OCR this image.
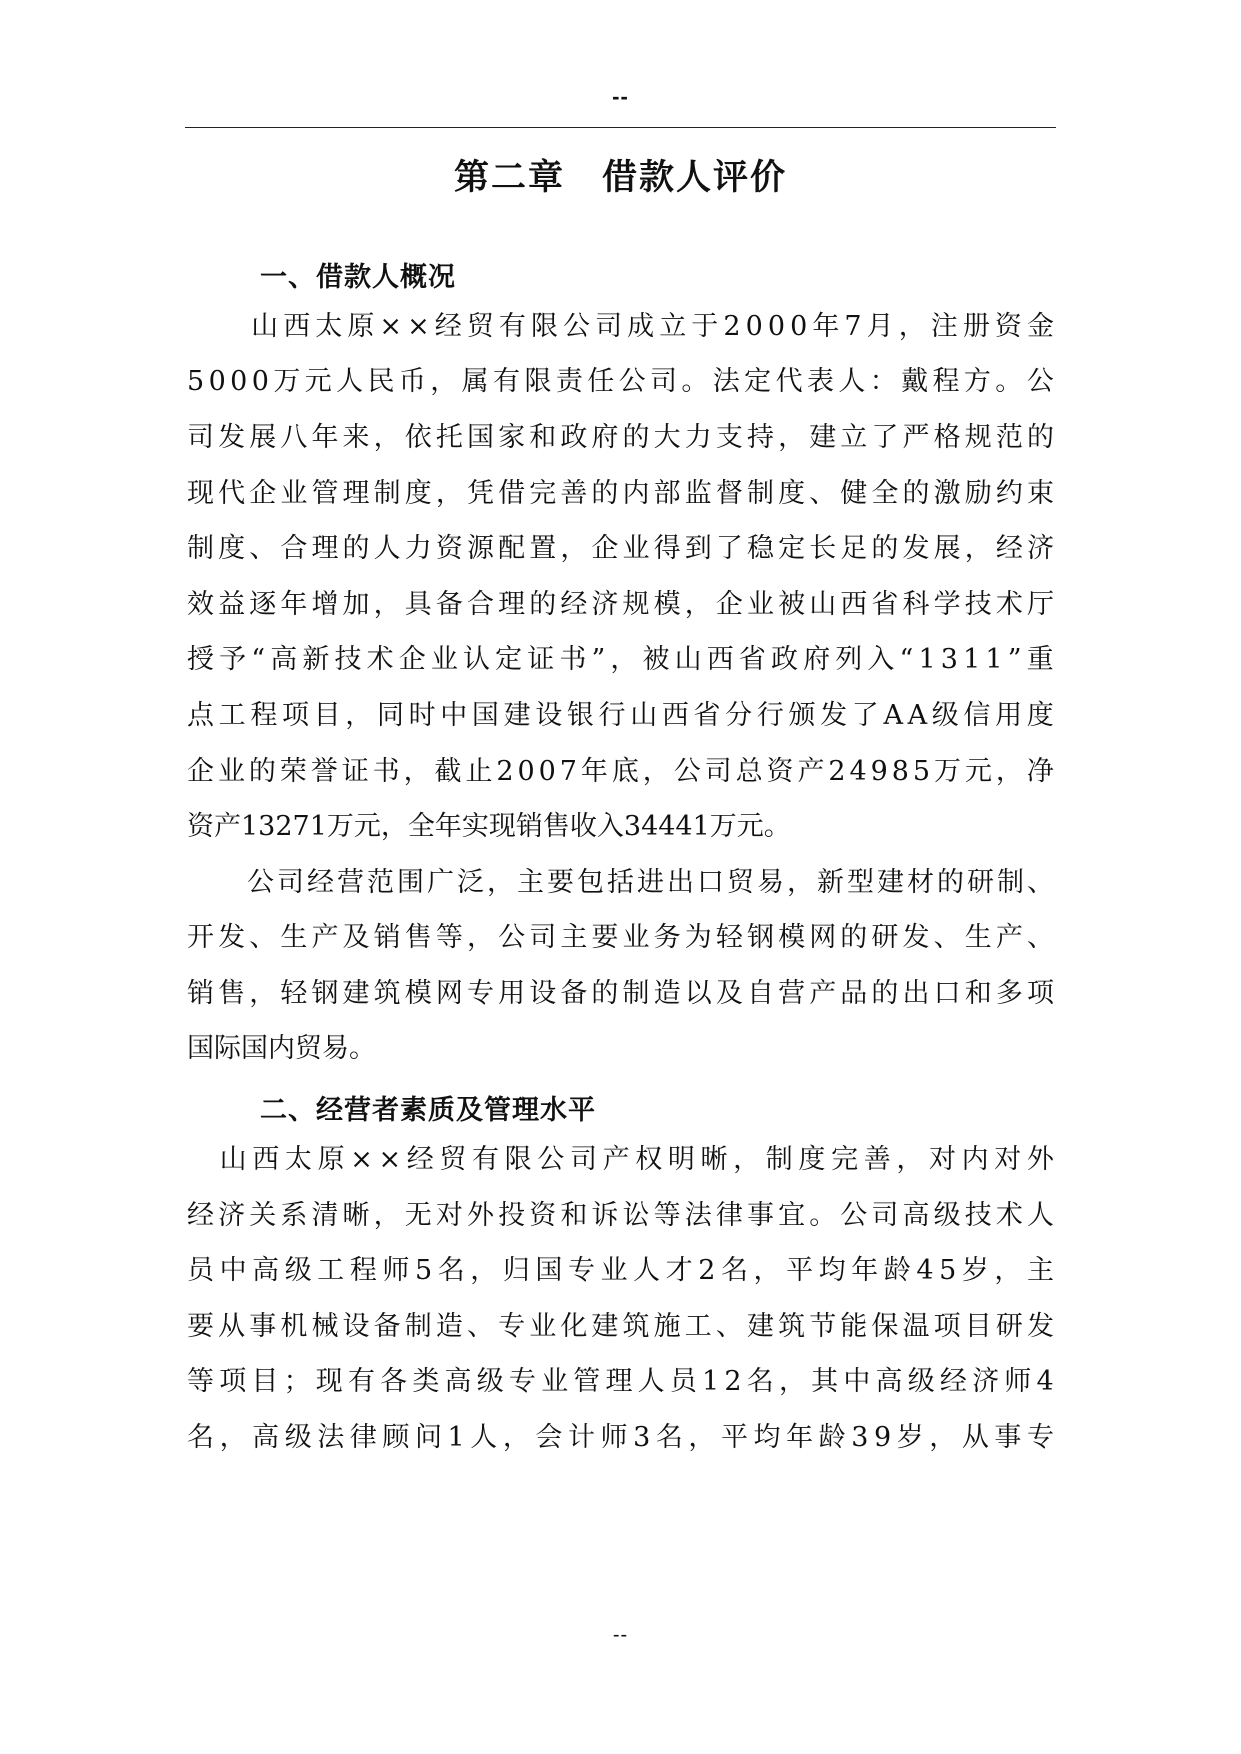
--
第二章　借款人评价
一、借款人概况

山 西 太 原 × × 经 贸 有 限 公 司 成 立 于 2 0 0 0 年 7 月 ， 注 册 资 金
5 0 0 0 万 元 人 民 币 ， 属 有 限 责 任 公 司 。 法 定 代 表 人 ： 戴 程 方 。 公
司 发 展 八 年 来 ， 依 托 国 家 和 政 府 的 大 力 支 持 ， 建 立 了 严 格 规 范 的
现 代 企 业 管 理 制 度 ， 凭 借 完 善 的 内 部 监 督 制 度 、 健 全 的 激 励 约 束
制 度 、 合 理 的 人 力 资 源 配 置 ， 企 业 得 到 了 稳 定 长 足 的 发 展 ， 经 济
效 益 逐 年 增 加 ， 具 备 合 理 的 经 济 规 模 ， 企 业 被 山 西 省 科 学 技 术 厅
授 予 “ 高 新 技 术 企 业 认 定 证 书 ” ， 被 山 西 省 政 府 列 入 “ 1 3 1 1 ” 重
点 工 程 项 目 ， 同 时 中 国 建 设 银 行 山 西 省 分 行 颁 发 了 A A 级 信 用 度
企 业 的 荣 誉 证 书 ， 截 止 2 0 0 7 年 底 ， 公 司 总 资 产 2 4 9 8 5 万 元 ， 净
资产13271万元，全年实现销售收入34441万元。

公 司 经 营 范 围 广 泛 ， 主 要 包 括 进 出 口 贸 易 ， 新 型 建 材 的 研 制 、
开 发 、 生 产 及 销 售 等 ， 公 司 主 要 业 务 为 轻 钢 模 网 的 研 发 、 生 产 、
销 售 ， 轻 钢 建 筑 模 网 专 用 设 备 的 制 造 以 及 自 营 产 品 的 出 口 和 多 项
国际国内贸易。
二、经营者素质及管理水平

山 西 太 原 × × 经 贸 有 限 公 司 产 权 明 晰 ， 制 度 完 善 ， 对 内 对 外
经 济 关 系 清 晰 ， 无 对 外 投 资 和 诉 讼 等 法 律 事 宜 。 公 司 高 级 技 术 人
员 中 高 级 工 程 师 5 名 ， 归 国 专 业 人 才 2 名 ， 平 均 年 龄 4 5 岁 ， 主
要 从 事 机 械 设 备 制 造 、 专 业 化 建 筑 施 工 、 建 筑 节 能 保 温 项 目 研 发
等 项 目 ； 现 有 各 类 高 级 专 业 管 理 人 员 1 2 名 ， 其 中 高 级 经 济 师 4
名 ， 高 级 法 律 顾 问 1 人 ， 会 计 师 3 名 ， 平 均 年 龄 3 9 岁 ， 从 事 专
--
